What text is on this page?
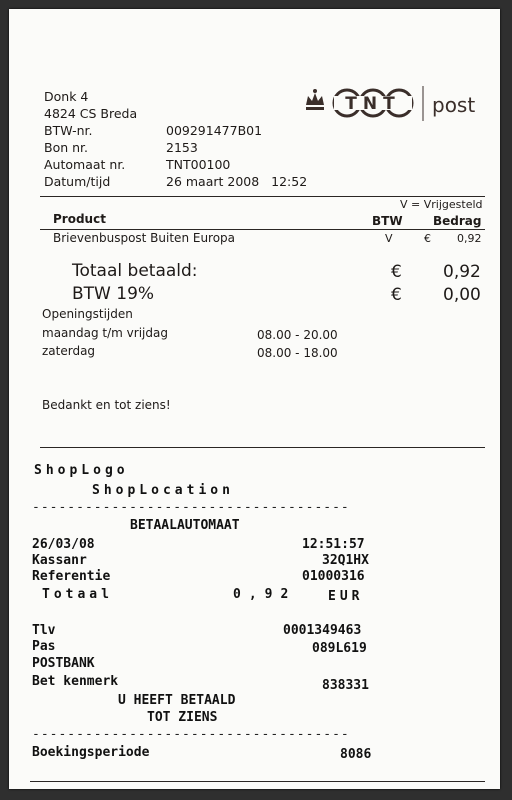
Donk 4
4824 CS Breda
BTW-nr.	009291477B01
Bon nr.	2153
Automaat nr.	TNT00100
Datum/tijd	26 maart 2008   12:52
TNT post
V = Vrijgesteld
Product	BTW	Bedrag
Brievenbuspost Buiten Europa	V	€ 0,92
Totaal betaald:	€ 0,92
BTW 19%	€ 0,00
Openingstijden
maandag t/m vrijdag	08.00 - 20.00
zaterdag	08.00 - 18.00
Bedankt en tot ziens!
ShopLogo
ShopLocation
------------------------------------
BETAALAUTOMAAT
26/03/08	12:51:57
Kassanr	32Q1HX
Referentie	01000316
Totaal	0,92 EUR
Tlv	0001349463
Pas	089L619
POSTBANK
Bet kenmerk	838331
U HEEFT BETAALD
TOT ZIENS
------------------------------------
Boekingsperiode	8086
